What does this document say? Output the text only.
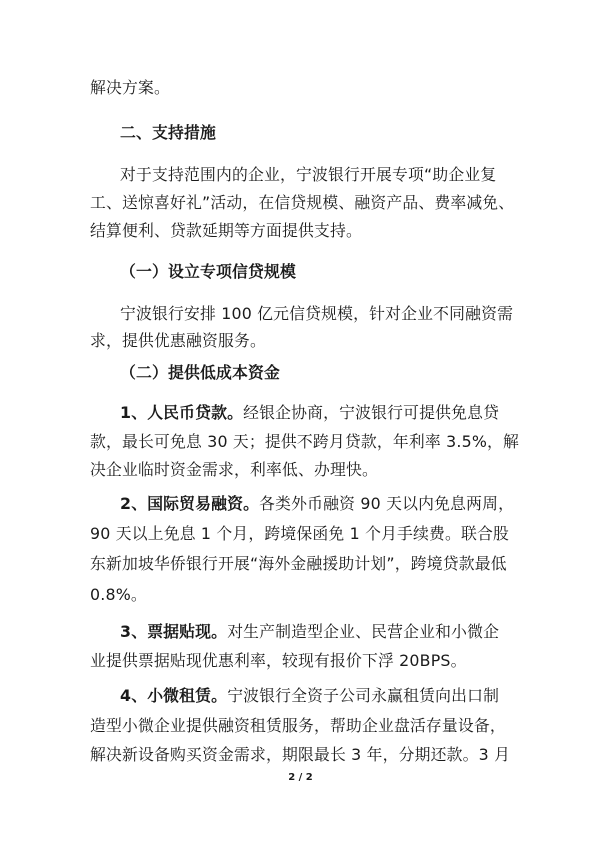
解决方案。
二、支持措施
对于支持范围内的企业，宁波银行开展专项“助企业复
工、送惊喜好礼”活动，在信贷规模、融资产品、费率减免、
结算便利、贷款延期等方面提供支持。
（一）设立专项信贷规模
宁波银行安排 100 亿元信贷规模，针对企业不同融资需
求，提供优惠融资服务。
（二）提供低成本资金
1、人民币贷款。经银企协商，宁波银行可提供免息贷
款，最长可免息 30 天；提供不跨月贷款，年利率 3.5%，解
决企业临时资金需求，利率低、办理快。
2、国际贸易融资。各类外币融资 90 天以内免息两周，
90 天以上免息 1 个月，跨境保函免 1 个月手续费。联合股
东新加坡华侨银行开展“海外金融援助计划”，跨境贷款最低
0.8%。
3、票据贴现。对生产制造型企业、民营企业和小微企
业提供票据贴现优惠利率，较现有报价下浮 20BPS。
4、小微租赁。宁波银行全资子公司永赢租赁向出口制
造型小微企业提供融资租赁服务，帮助企业盘活存量设备，
解决新设备购买资金需求，期限最长 3 年，分期还款。3 月
2 / 2
